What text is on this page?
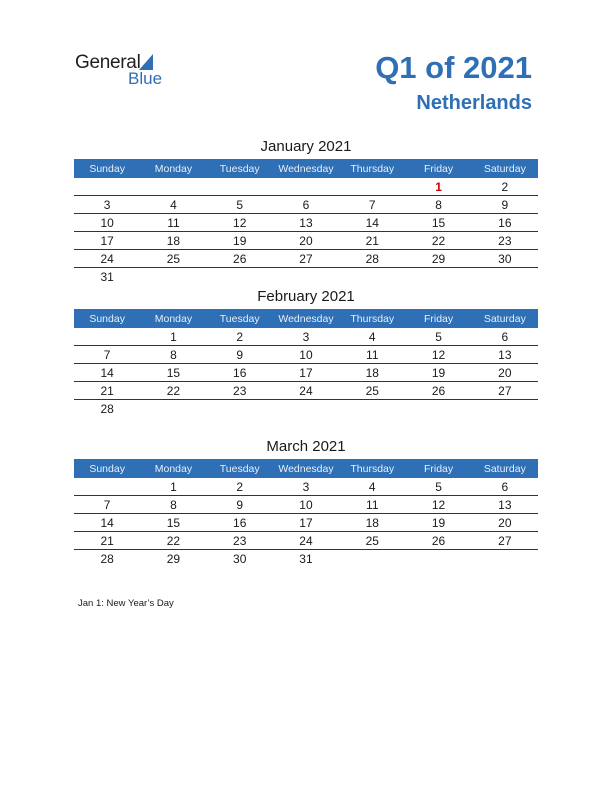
General
Blue	Q1 of 2021
Netherlands
January 2021
Sunday	Monday	Tuesday	Wednesday	Thursday	Friday	Saturday
					1	2
3	4	5	6	7	8	9
10	11	12	13	14	15	16
17	18	19	20	21	22	23
24	25	26	27	28	29	30
31						
February 2021
Sunday	Monday	Tuesday	Wednesday	Thursday	Friday	Saturday
	1	2	3	4	5	6
7	8	9	10	11	12	13
14	15	16	17	18	19	20
21	22	23	24	25	26	27
28						
March 2021
Sunday	Monday	Tuesday	Wednesday	Thursday	Friday	Saturday
	1	2	3	4	5	6
7	8	9	10	11	12	13
14	15	16	17	18	19	20
21	22	23	24	25	26	27
28	29	30	31			
Jan 1: New Year’s Day
